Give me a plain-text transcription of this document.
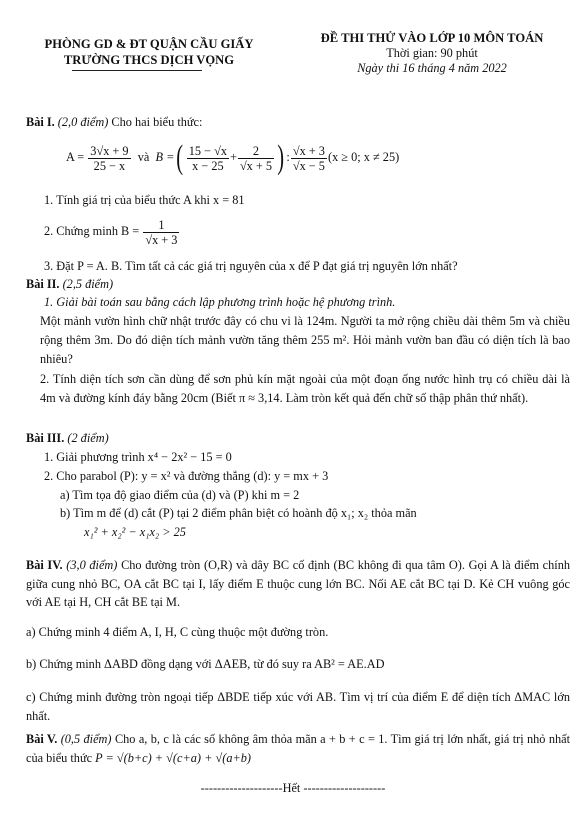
PHÒNG GD & ĐT QUẬN CẦU GIẤY
TRƯỜNG THCS DỊCH VỌNG
ĐỀ THI THỬ VÀO LỚP 10 MÔN TOÁN
Thời gian: 90 phút
Ngày thi 16 tháng 4 năm 2022
Bài I. (2,0 điểm) Cho hai biểu thức:
$A = \frac{3√x + 9}{25 - x}$ và B =( $\frac{15 - √x}{x - 25} + \frac{2}{√x + 5}$ ) : $\frac{√x + 3}{√x - 5} (x \ge 0$; x ≠ 25)
1. Tính giá trị của biểu thức A khi x = 81
2. Chứng minh $B = \frac{1}{√x + 3}$
3. Đặt P = A. B. Tìm tất cả các giá trị nguyên của x để P đạt giá trị nguyên lớn nhất?
Bài II. (2,5 điểm)
1. Giải bài toán sau bằng cách lập phương trình hoặc hệ phương trình.
Một mảnh vườn hình chữ nhật trước đây có chu vi là 124m. Người ta mở rộng chiều dài thêm 5m và chiều rộng thêm 3m. Do đó diện tích mảnh vườn tăng thêm 255 m². Hỏi mảnh vườn ban đầu có diện tích là bao nhiêu?
2. Tính diện tích sơn cần dùng để sơn phủ kín mặt ngoài của một đoạn ống nước hình trụ có chiều dài là 4m và đường kính đáy bằng 20cm (Biết π ≈ 3,14. Làm tròn kết quả đến chữ số thập phân thứ nhất).
Bài III. (2 điểm)
1. Giải phương trình x⁴ − 2x² − 15 = 0
2. Cho parabol (P): y = x² và đường thẳng (d): y = mx + 3
a) Tìm tọa độ giao điểm của (d) và (P) khi m = 2
b) Tìm m để (d) cắt (P) tại 2 điểm phân biệt có hoành độ x₁; x₂ thỏa mãn
x₁² + x₂² − x₁x₂ > 25
Bài IV. (3,0 điểm) Cho đường tròn (O,R) và dây BC cố định (BC không đi qua tâm O). Gọi A là điểm chính giữa cung nhỏ BC, OA cắt BC tại I, lấy điểm E thuộc cung lớn BC. Nối AE cắt BC tại D. Kẻ CH vuông góc với AE tại H, CH cắt BE tại M.
a) Chứng minh 4 điểm A, I, H, C cùng thuộc một đường tròn.
b) Chứng minh ΔABD đồng dạng với ΔAEB, từ đó suy ra AB² = AE.AD
c) Chứng minh đường tròn ngoại tiếp ΔBDE tiếp xúc với AB. Tìm vị trí của điểm E để diện tích ΔMAC lớn nhất.
Bài V. (0,5 điểm) Cho a, b, c là các số không âm thỏa mãn a + b + c = 1. Tìm giá trị lớn nhất, giá trị nhỏ nhất của biểu thức P = √(b+c) + √(c+a) + √(a+b)
--------------------Hết --------------------
